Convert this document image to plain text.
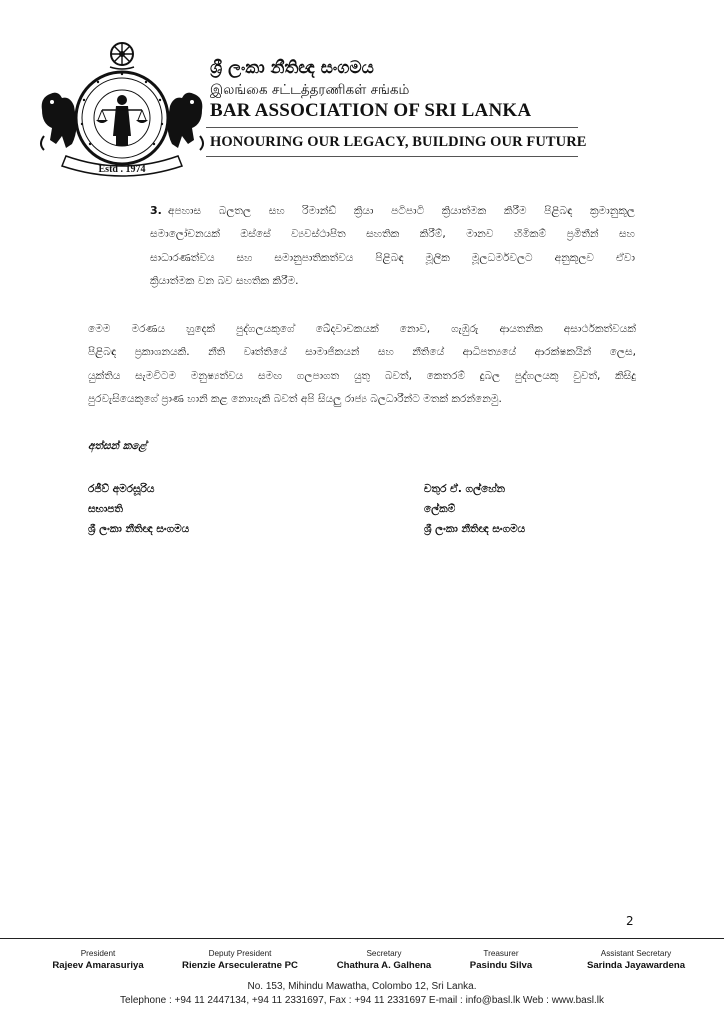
Estd . 1974
ශ්‍රී ලංකා නීතිඥ සංගමය
இலங்கை சட்டத்தரணிகள் சங்கம்
BAR ASSOCIATION OF SRI LANKA
HONOURING OUR LEGACY, BUILDING OUR FUTURE
3. අපහාස බලතල සහ රිමාන්ඩ් ක්‍රියා පටිපාටි ක්‍රියාත්මක කිරීම පිළිබඳ ක්‍රමානුකූල
සමාලෝචනයක් ඔස්සේ ව්‍යවස්ථාපිත සහතික කිරීම්, මානව හිමිකම් ප්‍රමිතීන් සහ
සාධාරණත්වය සහ සමානුපාතිකත්වය පිළිබඳ මූලික මූලධර්මවලට අනුකූලව ඒවා
ක්‍රියාත්මක වන බව සහතික කිරීම.
මෙම මරණය හුදෙක් පුද්ගලයකුගේ ඛේදවාචකයක් නොව, ගැඹුරු ආයතනික අසාර්ථකත්වයක්
පිළිබඳ ප්‍රකාශනයකි. නීති වෘත්තියේ සාමාජිකයන් සහ නීතියේ ආධිපත්‍යයේ ආරක්ෂකයින් ලෙස,
යුක්තිය සැමවිටම මනුෂ්‍යත්වය සමඟ ගලපාගත යුතු බවත්, කෙතරම් දුබල පුද්ගලයකු වුවත්, කිසිදු
පුරවැසියෙකුගේ ප්‍රාණ හානි කළ නොහැකි බවත් අපි සියලු රාජ්‍ය බලධාරීන්ට මතක් කරන්නෙමු.
අත්සන් කළේ
රජීව් අමරසූරිය
සභාපති
ශ්‍රී ලංකා නීතිඥ සංගමය
චතුර ඒ. ගල්හේන
ලේකම්
ශ්‍රී ලංකා නීතිඥ සංගමය
2
President
Rajeev Amarasuriya
Deputy President
Rienzie Arseculeratne PC
Secretary
Chathura A. Galhena
Treasurer
Pasindu Silva
Assistant Secretary
Sarinda Jayawardena
No. 153, Mihindu Mawatha, Colombo 12, Sri Lanka.
Telephone : +94 11 2447134, +94 11 2331697, Fax : +94 11 2331697 E-mail : info@basl.lk Web : www.basl.lk
